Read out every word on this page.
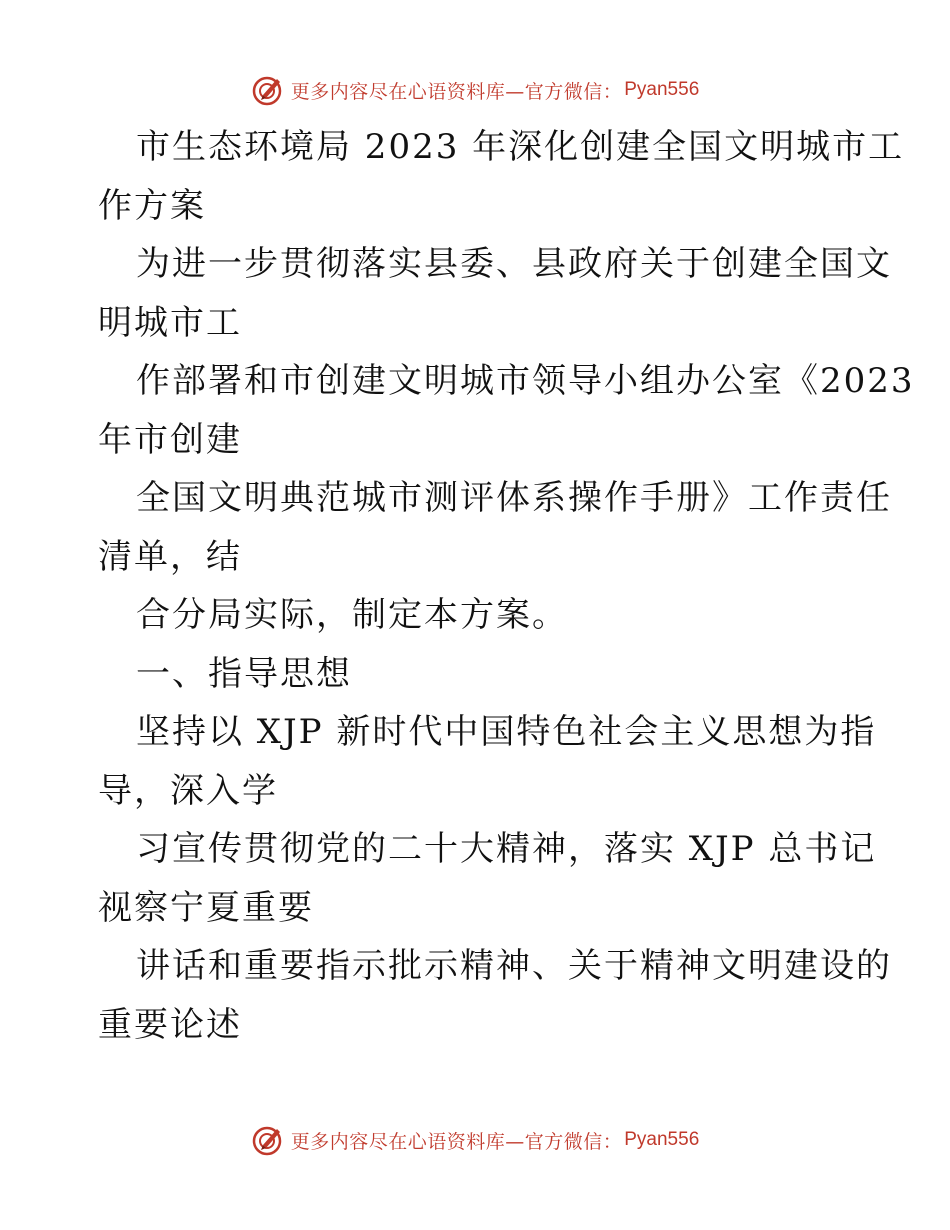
更多内容尽在心语资料库—官方微信： Pyan556
市生态环境局 2023 年深化创建全国文明城市工
作方案
为进一步贯彻落实县委、县政府关于创建全国文
明城市工
作部署和市创建文明城市领导小组办公室《2023
年市创建
全国文明典范城市测评体系操作手册》工作责任
清单，结
合分局实际，制定本方案。
一、指导思想
坚持以 XJP 新时代中国特色社会主义思想为指
导，深入学
习宣传贯彻党的二十大精神，落实 XJP 总书记
视察宁夏重要
讲话和重要指示批示精神、关于精神文明建设的
重要论述
更多内容尽在心语资料库—官方微信： Pyan556
